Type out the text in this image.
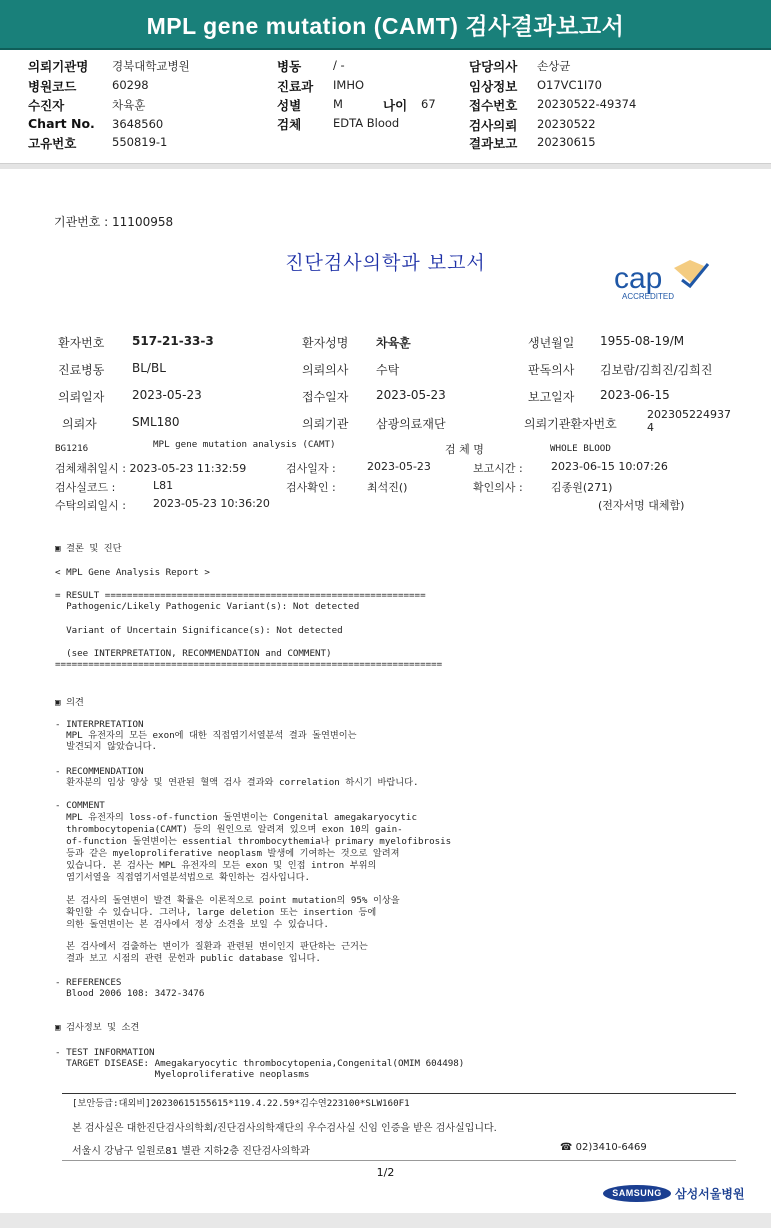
MPL gene mutation (CAMT) 검사결과보고서
의뢰기관명 경북대학교병원
병원코드	60298
수진자	차육훈
Chart No. 3648560
고유번호	550819-1
병동	/ -
진료과 IMHO
성별	M	나이 67
검체	EDTA Blood
담당의사 손상균
임상정보 O17VC1I70
접수번호 20230522-49374
검사의뢰 20230522
결과보고 20230615
기관번호 : 11100958
진단검사의학과 보고서	cap
ACCREDITED
환자번호 517-21-33-3	환자성명 차육훈	생년월일 1955-08-19/M
진료병동 BL/BL	의뢰의사 수탁	판독의사 김보람/김희진/김희진
의뢰일자 2023-05-23	접수일자 2023-05-23	보고일자 2023-06-15
의뢰자	SML180	의뢰기관 삼광의료재단	의뢰기관환자번호
202305224937
4
BG1216	MPL gene mutation analysis (CAMT)	검 체 명	WHOLE BLOOD
검체채취일시 : 2023-05-23 11:32:59	검사일자 :	2023-05-23	보고시간 :	2023-06-15 10:07:26
검사실코드 :	L81	검사확인 :	최석진()	확인의사 :	김종원(271)
수탁의뢰일시 : 2023-05-23 10:36:20	(전자서명 대체함)
▣ 결론 및 진단
< MPL Gene Analysis Report >
= RESULT ==========================================================
Pathogenic/Likely Pathogenic Variant(s): Not detected
Variant of Uncertain Significance(s): Not detected
(see INTERPRETATION, RECOMMENDATION and COMMENT)
======================================================================
▣ 의견
- INTERPRETATION
MPL 유전자의 모든 exon에 대한 직접염기서열분석 결과 돌연변이는
발견되지 않았습니다.
- RECOMMENDATION
환자분의 임상 양상 및 연관된 혈액 검사 결과와 correlation 하시기 바랍니다.
- COMMENT
MPL 유전자의 loss-of-function 돌연변이는 Congenital amegakaryocytic
thrombocytopenia(CAMT) 등의 원인으로 알려져 있으며 exon 10의 gain-
of-function 돌연변이는 essential thrombocythemia나 primary myelofibrosis
등과 같은 myeloproliferative neoplasm 발생에 기여하는 것으로 알려져
있습니다. 본 검사는 MPL 유전자의 모든 exon 및 인접 intron 부위의
염기서열을 직접염기서열분석법으로 확인하는 검사입니다.
본 검사의 돌연변이 발견 확률은 이론적으로 point mutation의 95% 이상을
확인할 수 있습니다. 그러나, large deletion 또는 insertion 등에
의한 돌연변이는 본 검사에서 정상 소견을 보일 수 있습니다.
본 검사에서 검출하는 변이가 질환과 관련된 변이인지 판단하는 근거는
결과 보고 시점의 관련 문헌과 public database 입니다.
- REFERENCES
Blood 2006 108: 3472-3476
▣ 검사정보 및 소견
- TEST INFORMATION
TARGET DISEASE: Amegakaryocytic thrombocytopenia,Congenital(OMIM 604498)
Myeloproliferative neoplasms
[보안등급:대외비]20230615155615*119.4.22.59*김수연223100*SLW160F1
본 검사실은 대한진단검사의학회/진단검사의학재단의 우수검사실 신임 인증을 받은 검사실입니다.
서울시 강남구 일원로81 별관 지하2층 진단검사의학과	☎ 02)3410-6469
1/2
SAMSUNG	삼성서울병원
